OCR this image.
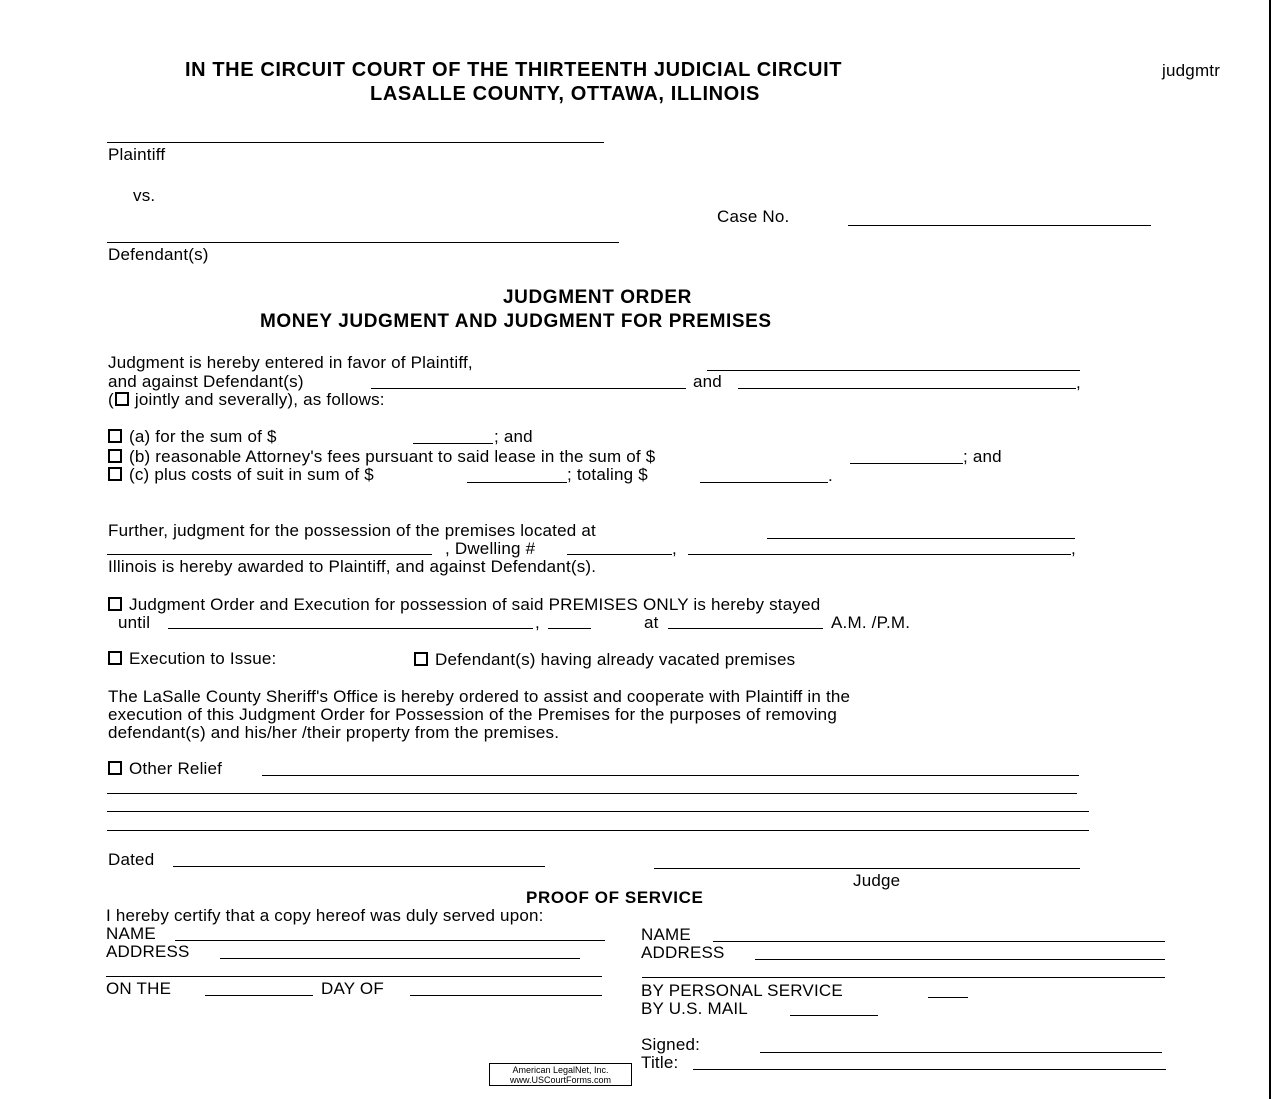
IN THE CIRCUIT COURT OF THE THIRTEENTH JUDICIAL CIRCUIT
LASALLE COUNTY, OTTAWA, ILLINOIS
judgmtr
Plaintiff
vs.
Case No.
Defendant(s)
JUDGMENT ORDER
MONEY JUDGMENT AND JUDGMENT FOR PREMISES
Judgment is hereby entered in favor of Plaintiff,
and against Defendant(s)	and	,
( jointly and severally), as follows:
(a) for the sum of $	; and
(b) reasonable Attorney's fees pursuant to said lease in the sum of $	; and
(c) plus costs of suit in sum of $	; totaling $	.
Further, judgment for the possession of the premises located at
, Dwelling #	,	,
Illinois is hereby awarded to Plaintiff, and against Defendant(s).
Judgment Order and Execution for possession of said PREMISES ONLY is hereby stayed
until	,	at	A.M. /P.M.
Execution to Issue:	Defendant(s) having already vacated premises
The LaSalle County Sheriff's Office is hereby ordered to assist and cooperate with Plaintiff in the
execution of this Judgment Order for Possession of the Premises for the purposes of removing
defendant(s) and his/her /their property from the premises.
Other Relief
Dated
Judge
PROOF OF SERVICE
I hereby certify that a copy hereof was duly served upon:
NAME
ADDRESS
ON THE	DAY OF
NAME
ADDRESS
BY PERSONAL SERVICE
BY U.S. MAIL
Signed:
Title:
American LegalNet, Inc.
www.USCourtForms.com
